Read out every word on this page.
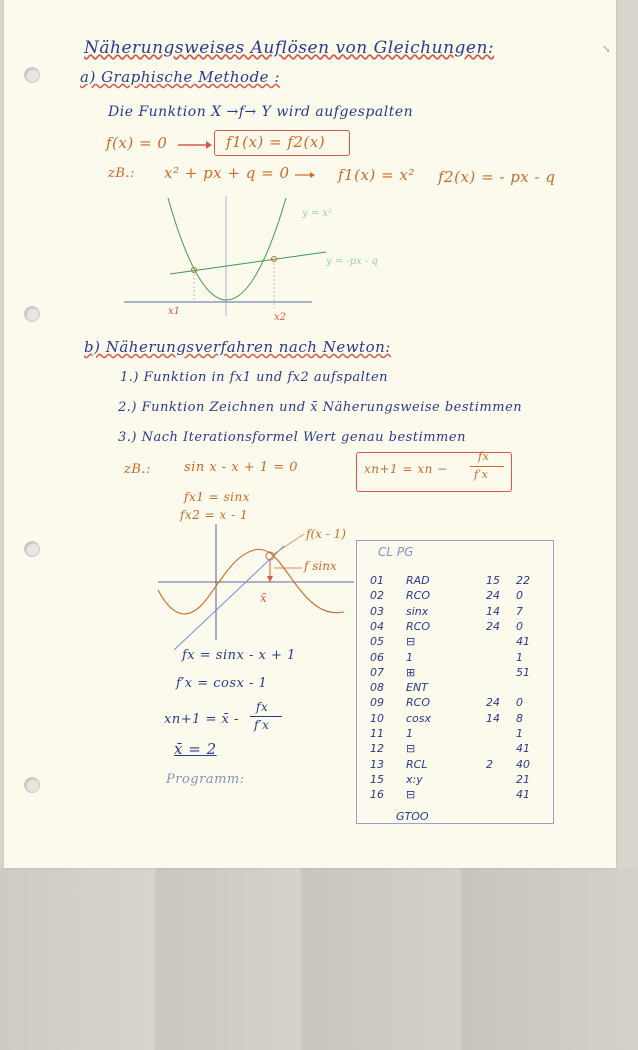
↘
Näherungsweises Auflösen von Gleichungen:
a) Graphische Methode :
Die Funktion X →f→ Y wird aufgespalten
f(x) = 0	f1(x) = f2(x)
zB.: x² + px + q = 0	f1(x) = x² f2(x) = - px - q
y = x²
y = -px - q
x1
x2
b) Näherungsverfahren nach Newton:
1.) Funktion in fx1 und fx2 aufspalten
2.) Funktion Zeichnen und x̄ Näherungsweise bestimmen
3.) Nach Iterationsformel Wert genau bestimmen
zB.:	sin x - x + 1 = 0	xn+1 = xn −
fx
f′x
fx1 = sinx
fx2 = x - 1
x̄
f(x - 1)
f sinx
fx = sinx - x + 1
f′x = cosx - 1
xn+1 = x̄ -
fx
f′x
x̄ = 2
Programm:
CL PG
01 RAD	15 22
02 RCO	24 0
03 sinx	14 7
04 RCO	24 0
05 ⊟	41
06 1	1
07 ⊞	51
08 ENT
09 RCO	24 0
10 cosx	14 8
11 1	1
12 ⊟	41
13 RCL	2 40
15 x:y	21
16 ⊟	41
GTOO
